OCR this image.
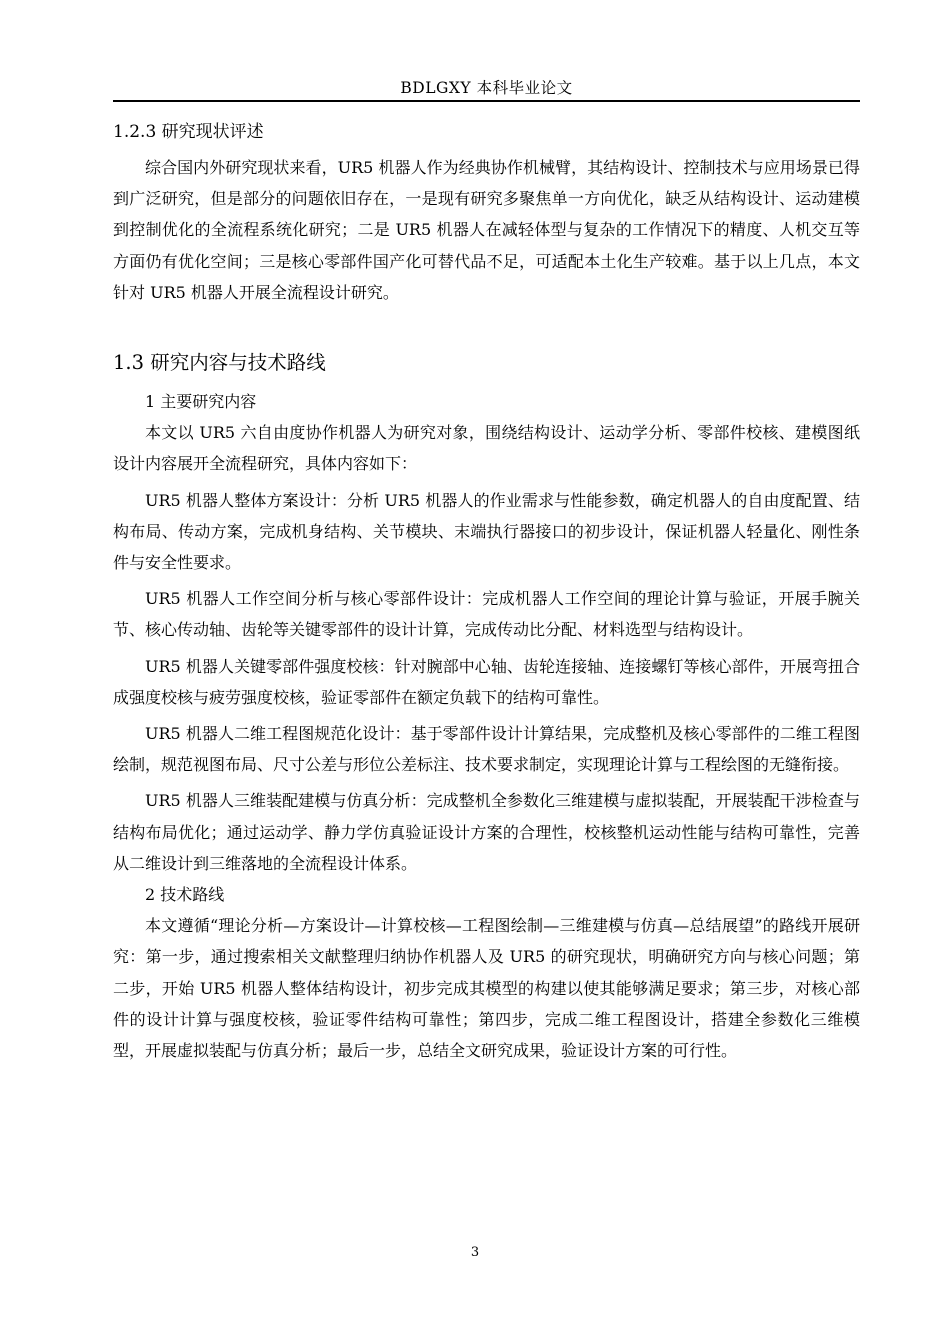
BDLGXY 本科毕业论文
1.2.3 研究现状评述

综合国内外研究现状来看，UR5 机器人作为经典协作机械臂，其结构设计、控制技术与应用场景已得到广泛研究，但是部分的问题依旧存在，一是现有研究多聚焦单一方向优化，缺乏从结构设计、运动建模到控制优化的全流程系统化研究；二是 UR5 机器人在减轻体型与复杂的工作情况下的精度、人机交互等方面仍有优化空间；三是核心零部件国产化可替代品不足，可适配本土化生产较难。基于以上几点，本文针对 UR5 机器人开展全流程设计研究。

1.3 研究内容与技术路线

1 主要研究内容

本文以 UR5 六自由度协作机器人为研究对象，围绕结构设计、运动学分析、零部件校核、建模图纸设计内容展开全流程研究，具体内容如下：

UR5 机器人整体方案设计：分析 UR5 机器人的作业需求与性能参数，确定机器人的自由度配置、结构布局、传动方案，完成机身结构、关节模块、末端执行器接口的初步设计，保证机器人轻量化、刚性条件与安全性要求。

UR5 机器人工作空间分析与核心零部件设计：完成机器人工作空间的理论计算与验证，开展手腕关节、核心传动轴、齿轮等关键零部件的设计计算，完成传动比分配、材料选型与结构设计。

UR5 机器人关键零部件强度校核：针对腕部中心轴、齿轮连接轴、连接螺钉等核心部件，开展弯扭合成强度校核与疲劳强度校核，验证零部件在额定负载下的结构可靠性。

UR5 机器人二维工程图规范化设计：基于零部件设计计算结果，完成整机及核心零部件的二维工程图绘制，规范视图布局、尺寸公差与形位公差标注、技术要求制定，实现理论计算与工程绘图的无缝衔接。

UR5 机器人三维装配建模与仿真分析：完成整机全参数化三维建模与虚拟装配，开展装配干涉检查与结构布局优化；通过运动学、静力学仿真验证设计方案的合理性，校核整机运动性能与结构可靠性，完善从二维设计到三维落地的全流程设计体系。

2 技术路线

本文遵循“理论分析—方案设计—计算校核—工程图绘制—三维建模与仿真—总结展望”的路线开展研究：第一步，通过搜索相关文献整理归纳协作机器人及 UR5 的研究现状，明确研究方向与核心问题；第二步，开始 UR5 机器人整体结构设计，初步完成其模型的构建以使其能够满足要求；第三步，对核心部件的设计计算与强度校核，验证零件结构可靠性；第四步，完成二维工程图设计，搭建全参数化三维模型，开展虚拟装配与仿真分析；最后一步，总结全文研究成果，验证设计方案的可行性。

3
